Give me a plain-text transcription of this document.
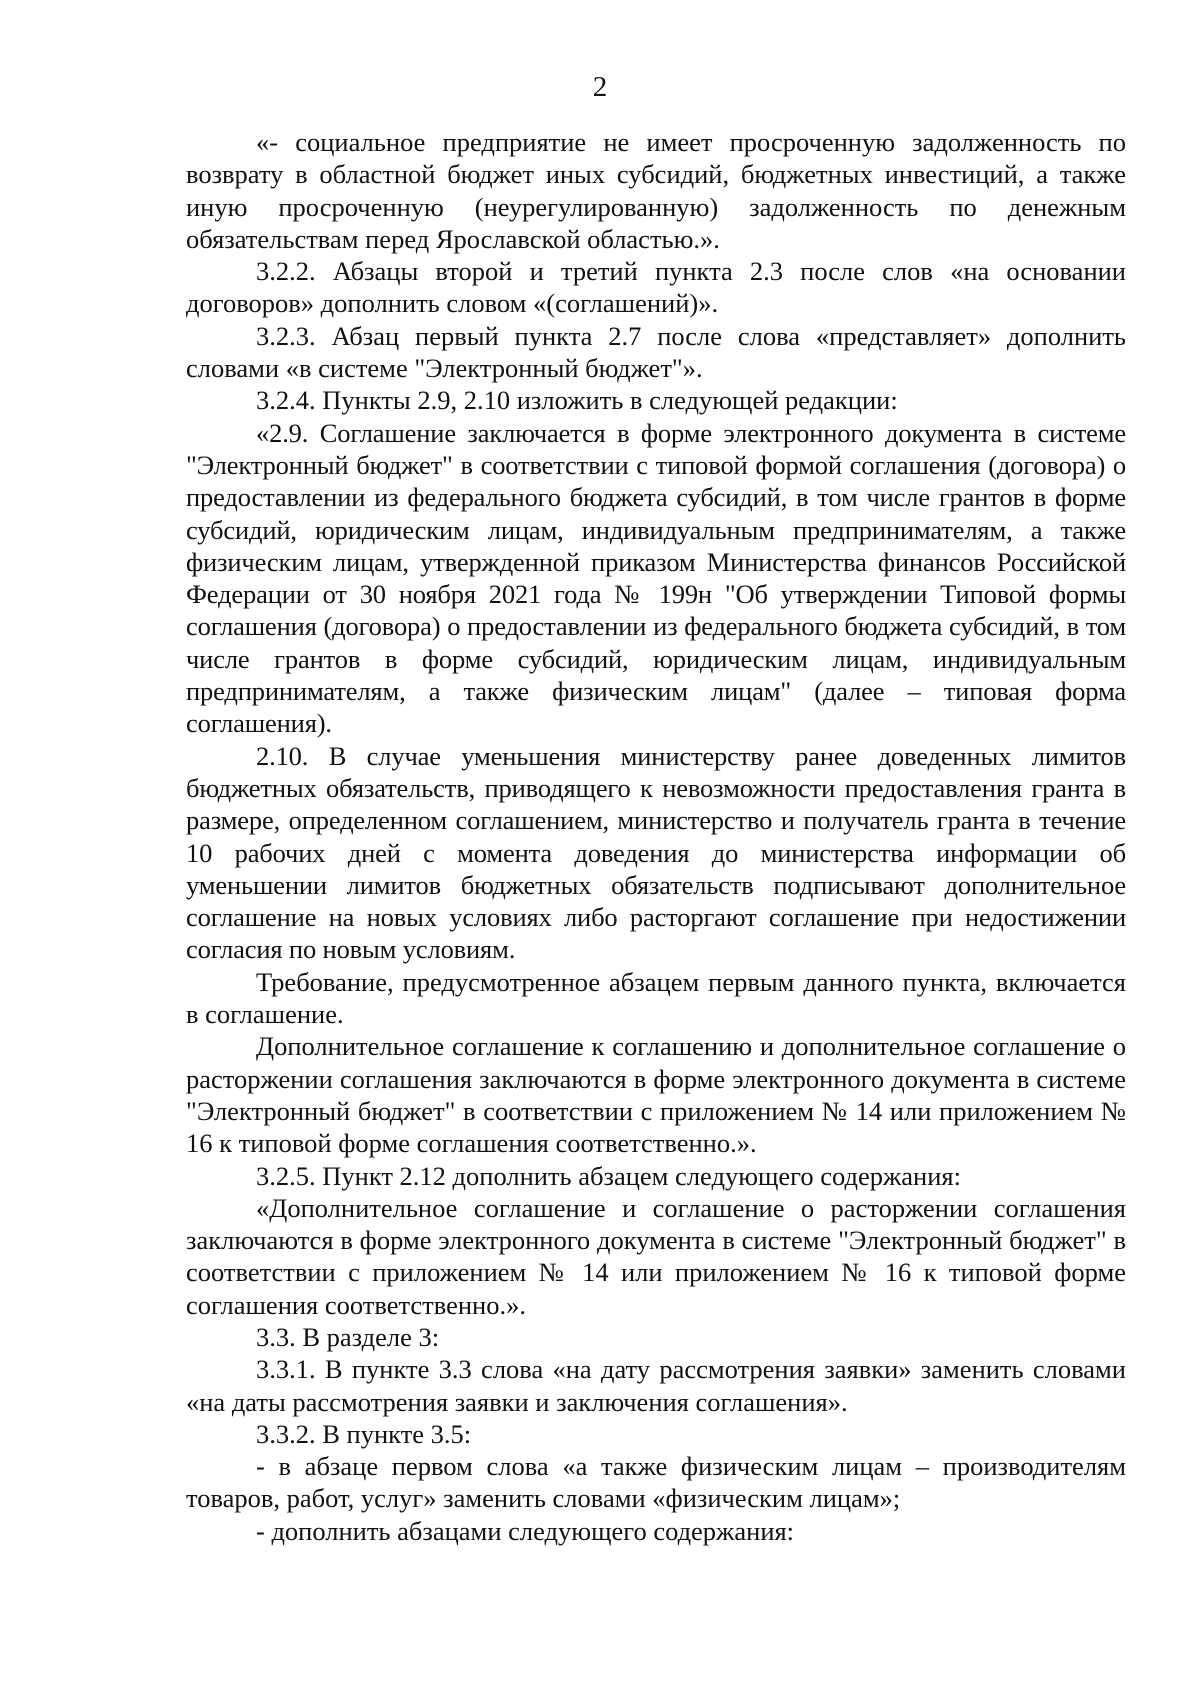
2

«- социальное предприятие не имеет просроченную задолженность по возврату в областной бюджет иных субсидий, бюджетных инвестиций, а также иную просроченную (неурегулированную) задолженность по денежным обязательствам перед Ярославской областью.».

3.2.2. Абзацы второй и третий пункта 2.3 после слов «на основании договоров» дополнить словом «(соглашений)».

3.2.3. Абзац первый пункта 2.7 после слова «представляет» дополнить словами «в системе "Электронный бюджет"».

3.2.4. Пункты 2.9, 2.10 изложить в следующей редакции:

«2.9. Соглашение заключается в форме электронного документа в системе "Электронный бюджет" в соответствии с типовой формой соглашения (договора) о предоставлении из федерального бюджета субсидий, в том числе грантов в форме субсидий, юридическим лицам, индивидуальным предпринимателям, а также физическим лицам, утвержденной приказом Министерства финансов Российской Федерации от 30 ноября 2021 года № 199н "Об утверждении Типовой формы соглашения (договора) о предоставлении из федерального бюджета субсидий, в том числе грантов в форме субсидий, юридическим лицам, индивидуальным предпринимателям, а также физическим лицам" (далее – типовая форма соглашения).

2.10. В случае уменьшения министерству ранее доведенных лимитов бюджетных обязательств, приводящего к невозможности предоставления гранта в размере, определенном соглашением, министерство и получатель гранта в течение 10 рабочих дней с момента доведения до министерства информации об уменьшении лимитов бюджетных обязательств подписывают дополнительное соглашение на новых условиях либо расторгают соглашение при недостижении согласия по новым условиям.

Требование, предусмотренное абзацем первым данного пункта, включается в соглашение.

Дополнительное соглашение к соглашению и дополнительное соглашение о расторжении соглашения заключаются в форме электронного документа в системе "Электронный бюджет" в соответствии с приложением № 14 или приложением № 16 к типовой форме соглашения соответственно.».

3.2.5. Пункт 2.12 дополнить абзацем следующего содержания:

«Дополнительное соглашение и соглашение о расторжении соглашения заключаются в форме электронного документа в системе "Электронный бюджет" в соответствии с приложением № 14 или приложением № 16 к типовой форме соглашения соответственно.».

3.3. В разделе 3:

3.3.1. В пункте 3.3 слова «на дату рассмотрения заявки» заменить словами «на даты рассмотрения заявки и заключения соглашения».

3.3.2. В пункте 3.5:

- в абзаце первом слова «а также физическим лицам – производителям товаров, работ, услуг» заменить словами «физическим лицам»;

- дополнить абзацами следующего содержания:
